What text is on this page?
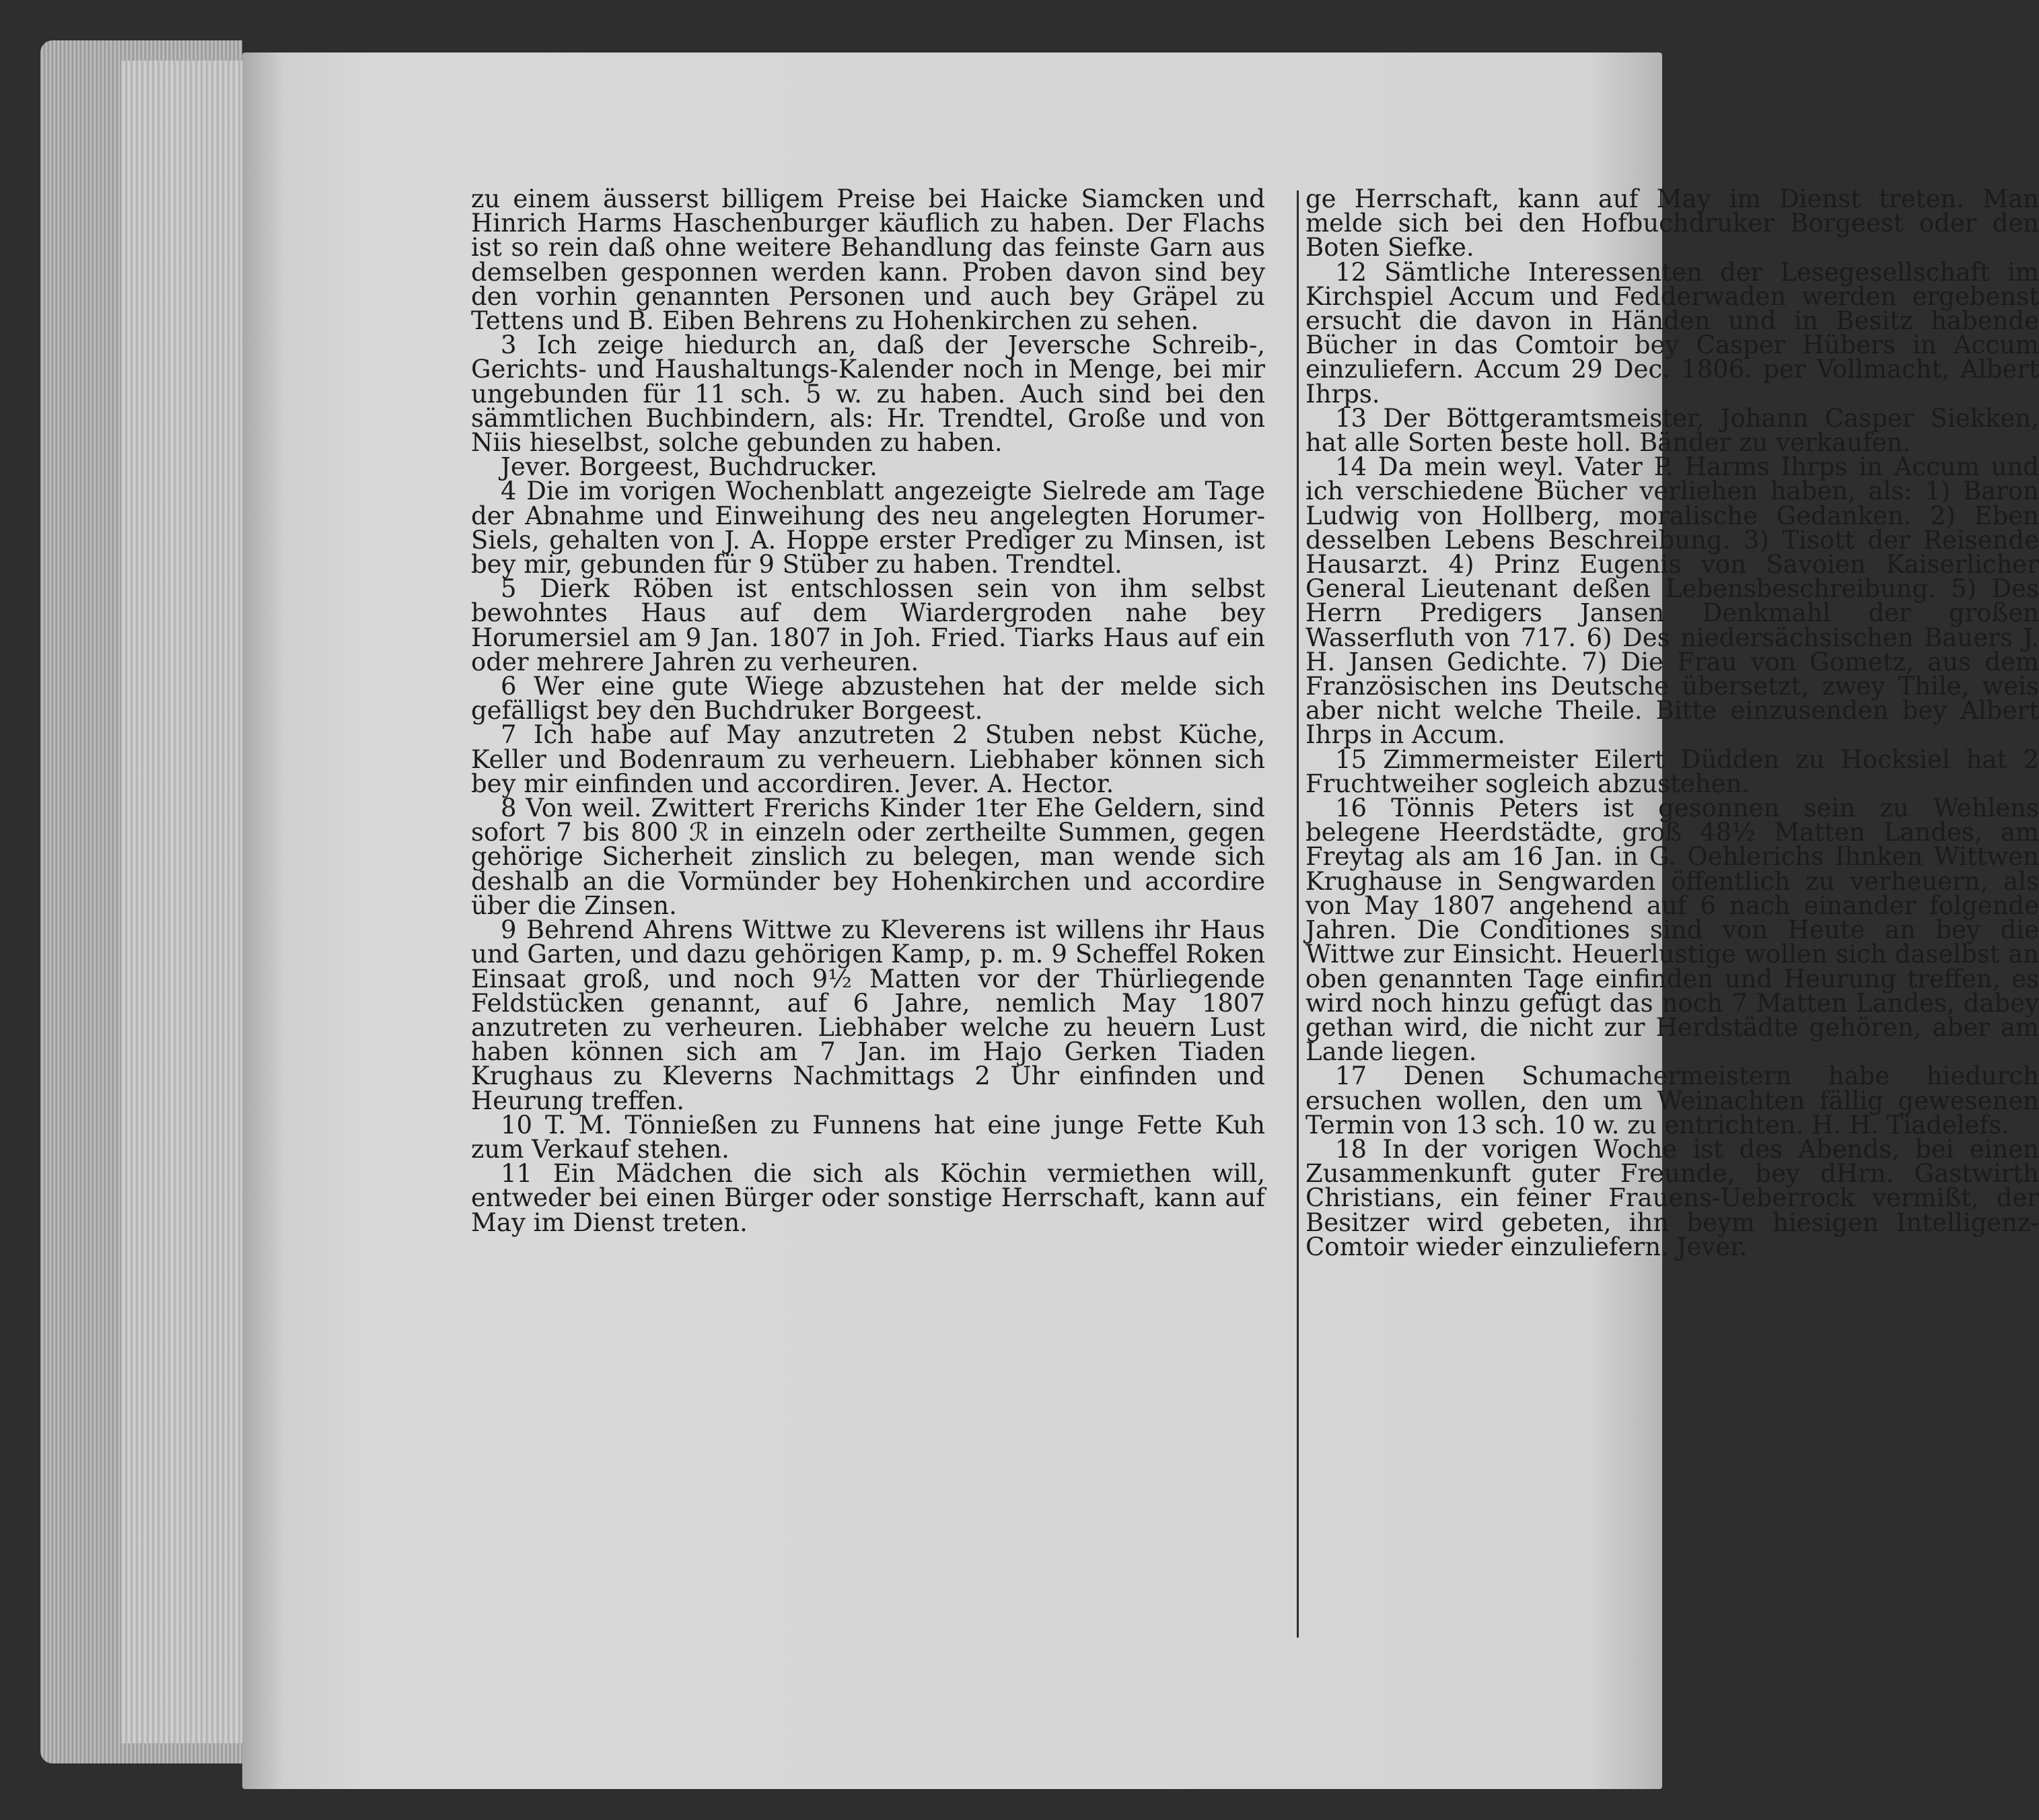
zu einem äusserst billigem Preise bei Haicke Siamcken und Hinrich Harms Haschenburger käuflich zu haben. Der Flachs ist so rein daß ohne weitere Behandlung das feinste Garn aus demselben gesponnen werden kann. Proben davon sind bey den vorhin genannten Personen und auch bey Gräpel zu Tettens und B. Eiben Behrens zu Hohenkirchen zu sehen.

3 Ich zeige hiedurch an, daß der Jeversche Schreib-, Gerichts- und Haushaltungs-Kalender noch in Menge, bei mir ungebunden für 11 sch. 5 w. zu haben. Auch sind bei den sämmtlichen Buchbindern, als: Hr. Trendtel, Große und von Niis hieselbst, solche gebunden zu haben.

Jever. Borgeest, Buchdrucker.

4 Die im vorigen Wochenblatt angezeigte Sielrede am Tage der Abnahme und Einweihung des neu angelegten Horumer-Siels, gehalten von J. A. Hoppe erster Prediger zu Minsen, ist bey mir, gebunden für 9 Stüber zu haben. Trendtel.

5 Dierk Röben ist entschlossen sein von ihm selbst bewohntes Haus auf dem Wiardergroden nahe bey Horumersiel am 9 Jan. 1807 in Joh. Fried. Tiarks Haus auf ein oder mehrere Jahren zu verheuren.

6 Wer eine gute Wiege abzustehen hat der melde sich gefälligst bey den Buchdruker Borgeest.

7 Ich habe auf May anzutreten 2 Stuben nebst Küche, Keller und Bodenraum zu verheuern. Liebhaber können sich bey mir einfinden und accordiren. Jever. A. Hector.

8 Von weil. Zwittert Frerichs Kinder 1ter Ehe Geldern, sind sofort 7 bis 800 ℛ in einzeln oder zertheilte Summen, gegen gehörige Sicherheit zinslich zu belegen, man wende sich deshalb an die Vormünder bey Hohenkirchen und accordire über die Zinsen.

9 Behrend Ahrens Wittwe zu Kleverens ist willens ihr Haus und Garten, und dazu gehörigen Kamp, p. m. 9 Scheffel Roken Einsaat groß, und noch 9½ Matten vor der Thürliegende Feldstücken genannt, auf 6 Jahre, nemlich May 1807 anzutreten zu verheuren. Liebhaber welche zu heuern Lust haben können sich am 7 Jan. im Hajo Gerken Tiaden Krughaus zu Kleverns Nachmittags 2 Uhr einfinden und Heurung treffen.

10 T. M. Tönnießen zu Funnens hat eine junge Fette Kuh zum Verkauf stehen.

11 Ein Mädchen die sich als Köchin vermiethen will, entweder bei einen Bürger oder sonstige Herrschaft, kann auf May im Dienst treten.

ge Herrschaft, kann auf May im Dienst treten. Man melde sich bei den Hofbuchdruker Borgeest oder den Boten Siefke.

12 Sämtliche Interessenten der Lesegesellschaft im Kirchspiel Accum und Fedderwaden werden ergebenst ersucht die davon in Händen und in Besitz habende Bücher in das Comtoir bey Casper Hübers in Accum einzuliefern. Accum 29 Dec. 1806. per Vollmacht, Albert Ihrps.

13 Der Böttgeramtsmeister, Johann Casper Siekken, hat alle Sorten beste holl. Bänder zu verkaufen.

14 Da mein weyl. Vater P. Harms Ihrps in Accum und ich verschiedene Bücher verliehen haben, als: 1) Baron Ludwig von Hollberg, moralische Gedanken. 2) Eben desselben Lebens Beschreibung. 3) Tisott der Reisende Hausarzt. 4) Prinz Eugenis von Savoien Kaiserlicher General Lieutenant deßen Lebensbeschreibung. 5) Des Herrn Predigers Jansen Denkmahl der großen Wasserfluth von 717. 6) Des niedersächsischen Bauers J. H. Jansen Gedichte. 7) Die Frau von Gometz, aus dem Französischen ins Deutsche übersetzt, zwey Thile, weis aber nicht welche Theile. Bitte einzusenden bey Albert Ihrps in Accum.

15 Zimmermeister Eilert Düdden zu Hocksiel hat 2 Fruchtweiher sogleich abzustehen.

16 Tönnis Peters ist gesonnen sein zu Wehlens belegene Heerdstädte, groß 48½ Matten Landes, am Freytag als am 16 Jan. in G. Oehlerichs Ihnken Wittwen Krughause in Sengwarden öffentlich zu verheuern, als von May 1807 angehend auf 6 nach einander folgende Jahren. Die Conditiones sind von Heute an bey die Wittwe zur Einsicht. Heuerlustige wollen sich daselbst an oben genannten Tage einfinden und Heurung treffen, es wird noch hinzu gefügt das noch 7 Matten Landes, dabey gethan wird, die nicht zur Herdstädte gehören, aber am Lande liegen.

17 Denen Schumachermeistern habe hiedurch ersuchen wollen, den um Weinachten fällig gewesenen Termin von 13 sch. 10 w. zu entrichten. H. H. Tiadelefs.

18 In der vorigen Woche ist des Abends, bei einen Zusammenkunft guter Freunde, bey dHrn. Gastwirth Christians, ein feiner Frauens-Ueberrock vermißt, der Besitzer wird gebeten, ihn beym hiesigen Intelligenz-Comtoir wieder einzuliefern. Jever.
